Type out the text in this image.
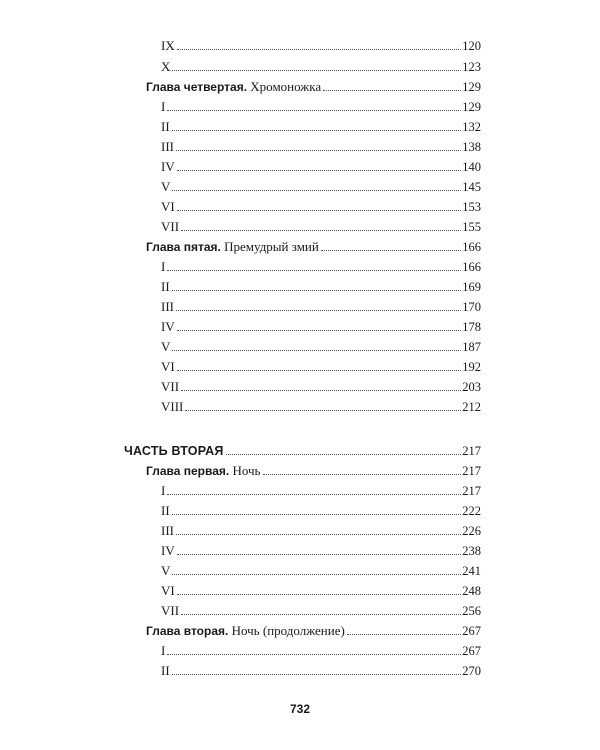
IX	120
X	123
Глава четвертая. Хромоножка	129
I	129
II	132
III	138
IV	140
V	145
VI	153
VII	155
Глава пятая. Премудрый змий	166
I	166
II	169
III	170
IV	178
V	187
VI	192
VII	203
VIII	212
ЧАСТЬ ВТОРАЯ	217
Глава первая. Ночь	217
I	217
II	222
III	226
IV	238
V	241
VI	248
VII	256
Глава вторая. Ночь (продолжение)	267
I	267
II	270
732
